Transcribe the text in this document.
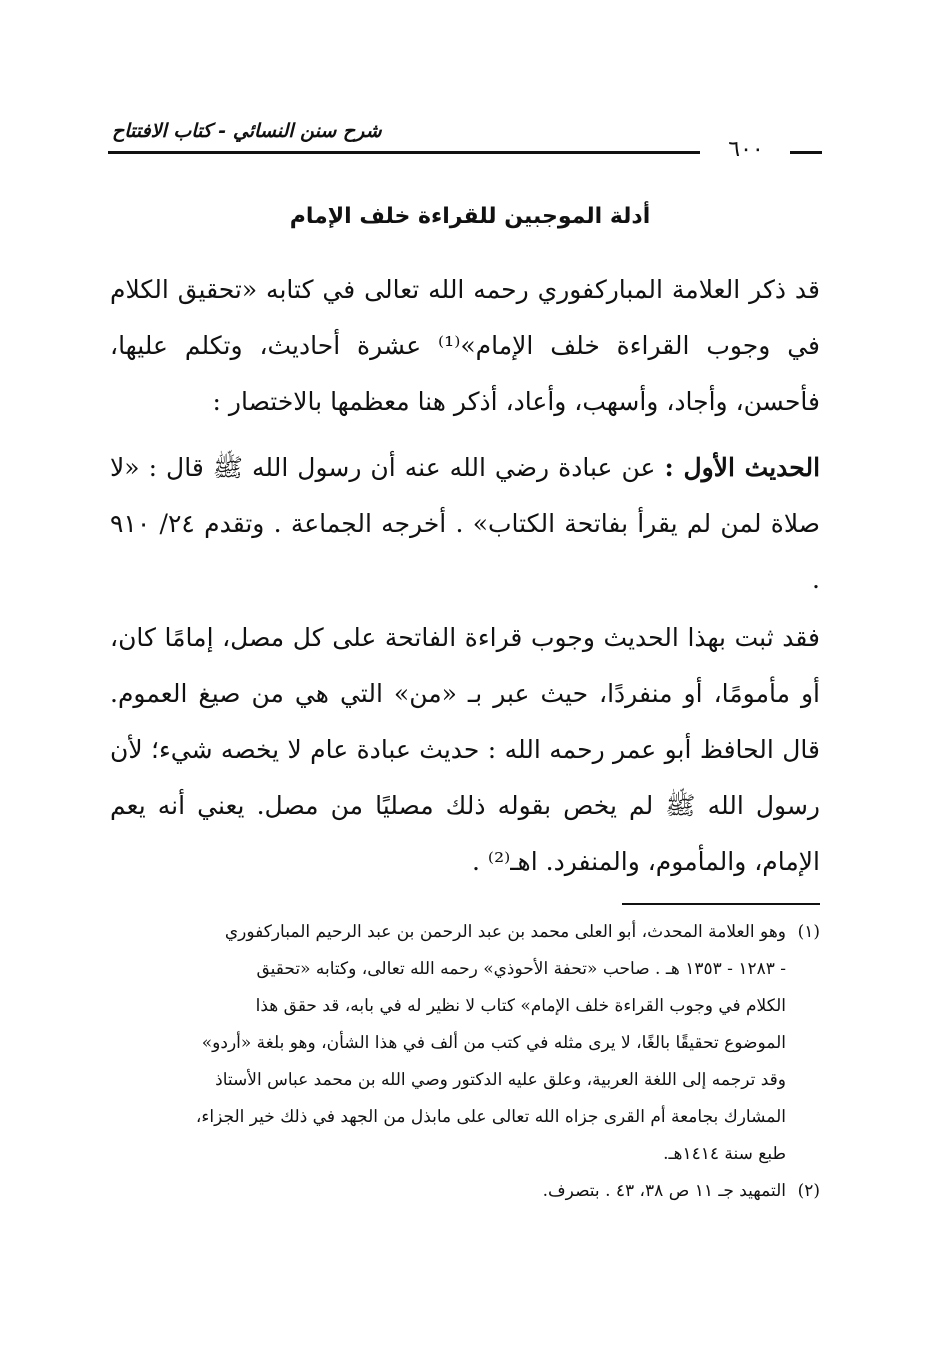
شرح سنن النسائي - كتاب الافتتاح
٦٠٠
أدلة الموجبين للقراءة خلف الإمام

قد ذكر العلامة المباركفوري رحمه الله تعالى في كتابه «تحقيق الكلام في وجوب القراءة خلف الإمام»⁽¹⁾ عشرة أحاديث، وتكلم عليها، فأحسن، وأجاد، وأسهب، وأعاد، أذكر هنا معظمها بالاختصار :

الحديث الأول : عن عبادة رضي الله عنه أن رسول الله ﷺ قال : «لا صلاة لمن لم يقرأ بفاتحة الكتاب» . أخرجه الجماعة . وتقدم ٢٤/ ٩١٠ .

فقد ثبت بهذا الحديث وجوب قراءة الفاتحة على كل مصل، إمامًا كان، أو مأمومًا، أو منفردًا، حيث عبر بـ «من» التي هي من صيغ العموم. قال الحافظ أبو عمر رحمه الله : حديث عبادة عام لا يخصه شيء؛ لأن رسول الله ﷺ لم يخص بقوله ذلك مصليًا من مصل. يعني أنه يعم الإمام، والمأموم، والمنفرد. اهـ⁽²⁾ .

(١)
وهو العلامة المحدث، أبو العلى محمد بن عبد الرحمن بن عبد الرحيم المباركفوري
- ١٢٨٣ - ١٣٥٣ هـ . صاحب «تحفة الأحوذي» رحمه الله تعالى، وكتابه «تحقيق
الكلام في وجوب القراءة خلف الإمام» كتاب لا نظير له في بابه، قد حقق هذا
الموضوع تحقيقًا بالغًا، لا يرى مثله في كتب من ألف في هذا الشأن، وهو بلغة «أردو»
وقد ترجمه إلى اللغة العربية، وعلق عليه الدكتور وصي الله بن محمد عباس الأستاذ
المشارك بجامعة أم القرى جزاه الله تعالى على مابذل من الجهد في ذلك خير الجزاء،
طبع سنة ١٤١٤هـ.
(٢)
التمهيد جـ ١١ ص ٣٨، ٤٣ . بتصرف.
